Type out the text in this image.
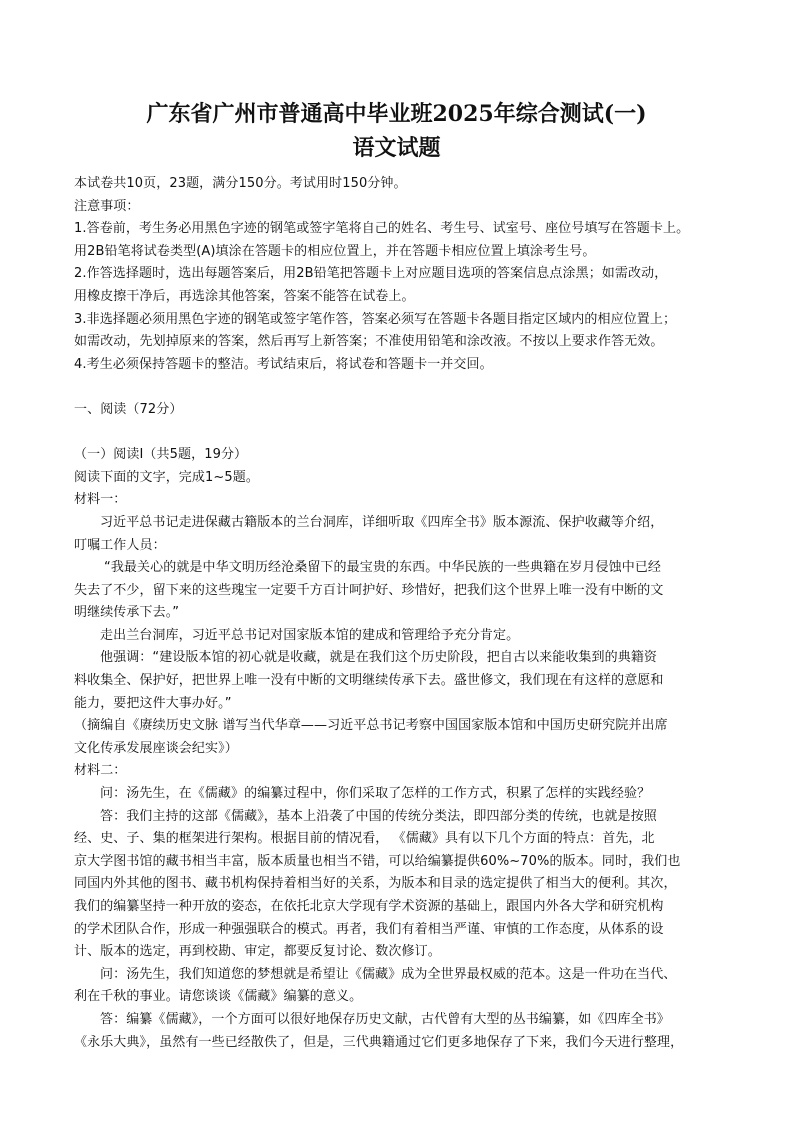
广东省广州市普通高中毕业班2025年综合测试(一)
语文试题

本试卷共10页，23题，满分150分。考试用时150分钟。

注意事项：

1.答卷前，考生务必用黑色字迹的钢笔或签字笔将自己的姓名、考生号、试室号、座位号填写在答题卡上。

用2B铅笔将试卷类型(A)填涂在答题卡的相应位置上，并在答题卡相应位置上填涂考生号。

2.作答选择题时，选出每题答案后，用2B铅笔把答题卡上对应题目选项的答案信息点涂黑；如需改动，

用橡皮擦干净后，再选涂其他答案，答案不能答在试卷上。

3.非选择题必须用黑色字迹的钢笔或签字笔作答，答案必须写在答题卡各题目指定区域内的相应位置上；

如需改动，先划掉原来的答案，然后再写上新答案；不准使用铅笔和涂改液。不按以上要求作答无效。

4.考生必须保持答题卡的整洁。考试结束后，将试卷和答题卡一并交回。

一、阅读（72分）

（一）阅读Ⅰ（共5题，19分）

阅读下面的文字，完成1~5题。

材料一：

习近平总书记走进保藏古籍版本的兰台洞库，详细听取《四库全书》版本源流、保护收藏等介绍，

叮嘱工作人员：

“我最关心的就是中华文明历经沧桑留下的最宝贵的东西。中华民族的一些典籍在岁月侵蚀中已经

失去了不少，留下来的这些瑰宝一定要千方百计呵护好、珍惜好，把我们这个世界上唯一没有中断的文

明继续传承下去。”

走出兰台洞库，习近平总书记对国家版本馆的建成和管理给予充分肯定。

他强调：“建设版本馆的初心就是收藏，就是在我们这个历史阶段，把自古以来能收集到的典籍资

料收集全、保护好，把世界上唯一没有中断的文明继续传承下去。盛世修文，我们现在有这样的意愿和

能力，要把这件大事办好。”

（摘编自《赓续历史文脉 谱写当代华章——习近平总书记考察中国国家版本馆和中国历史研究院并出席

文化传承发展座谈会纪实》）

材料二：

问：汤先生，在《儒藏》的编纂过程中，你们采取了怎样的工作方式，积累了怎样的实践经验？

答：我们主持的这部《儒藏》，基本上沿袭了中国的传统分类法，即四部分类的传统，也就是按照

经、史、子、集的框架进行架构。根据目前的情况看， 《儒藏》具有以下几个方面的特点：首先，北

京大学图书馆的藏书相当丰富，版本质量也相当不错，可以给编纂提供60%~70%的版本。同时，我们也

同国内外其他的图书、藏书机构保持着相当好的关系，为版本和目录的选定提供了相当大的便利。其次，

我们的编纂坚持一种开放的姿态，在依托北京大学现有学术资源的基础上，跟国内外各大学和研究机构

的学术团队合作，形成一种强强联合的模式。再者，我们有着相当严谨、审慎的工作态度，从体系的设

计、版本的选定，再到校勘、审定，都要反复讨论、数次修订。

问：汤先生，我们知道您的梦想就是希望让《儒藏》成为全世界最权威的范本。这是一件功在当代、

利在千秋的事业。请您谈谈《儒藏》编纂的意义。

答：编纂《儒藏》，一个方面可以很好地保存历史文献，古代曾有大型的丛书编纂，如《四库全书》

《永乐大典》，虽然有一些已经散佚了，但是，三代典籍通过它们更多地保存了下来，我们今天进行整理，
